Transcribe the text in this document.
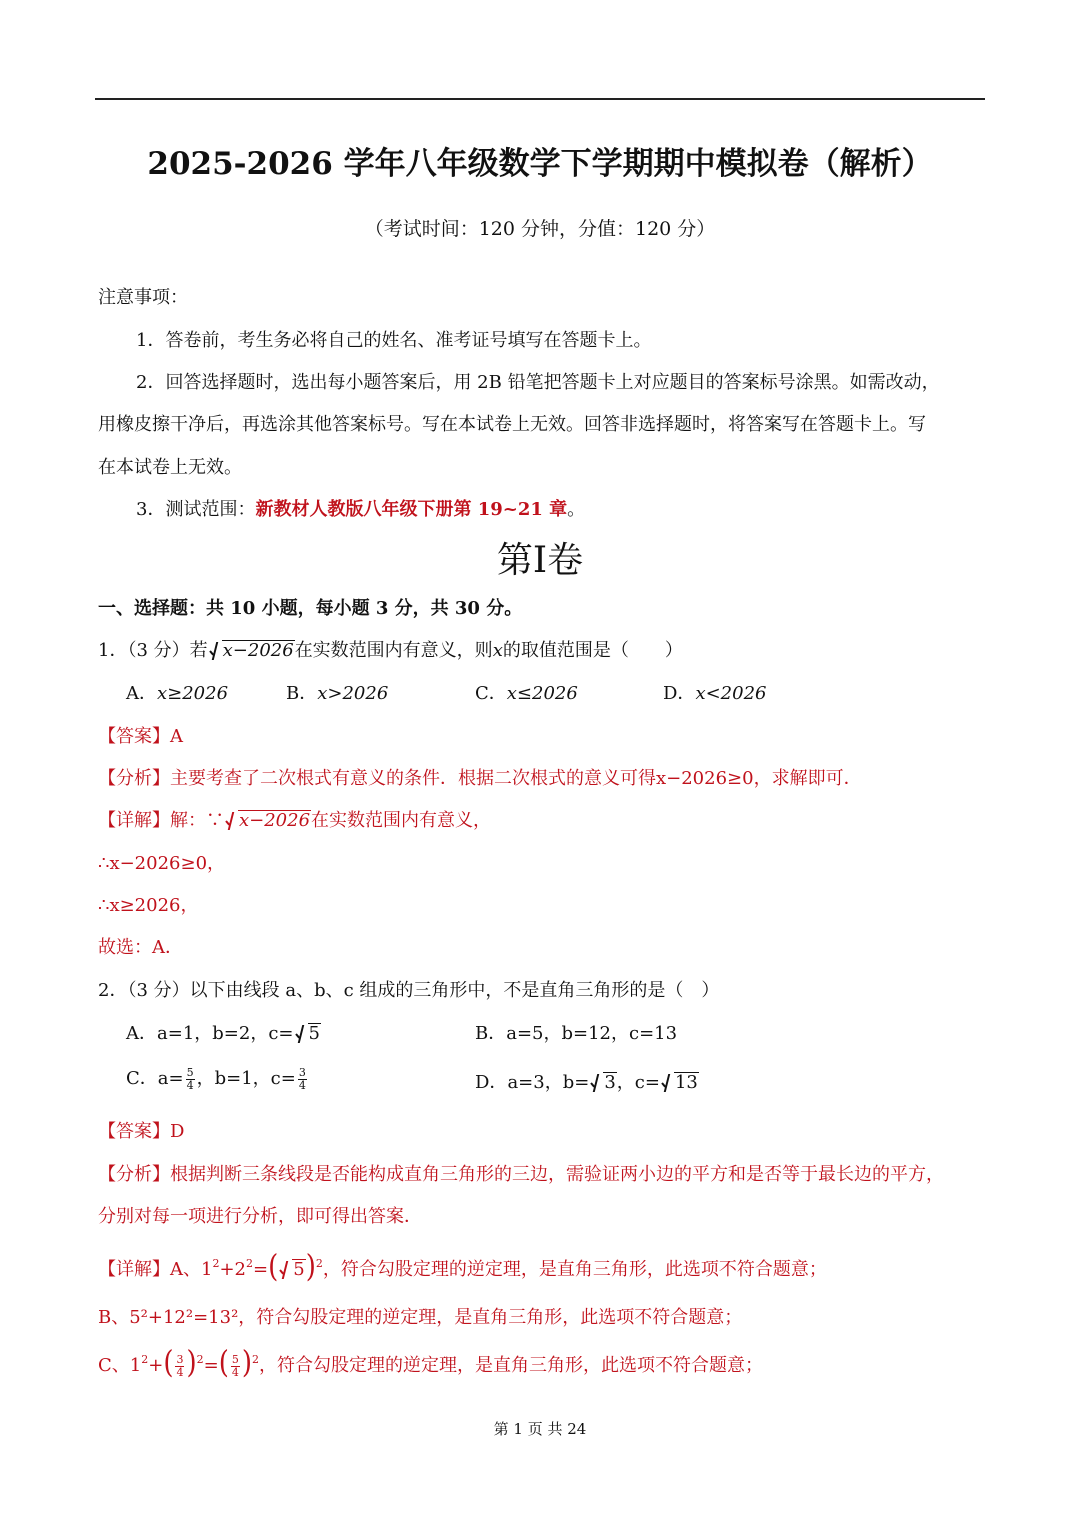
2025-2026 学年八年级数学下学期期中模拟卷（解析）
（考试时间：120 分钟，分值：120 分）
注意事项：
1．答卷前，考生务必将自己的姓名、准考证号填写在答题卡上。
2．回答选择题时，选出每小题答案后，用 2B 铅笔把答题卡上对应题目的答案标号涂黑。如需改动，
用橡皮擦干净后，再选涂其他答案标号。写在本试卷上无效。回答非选择题时，将答案写在答题卡上。写
在本试卷上无效。
3．测试范围：新教材人教版八年级下册第 19~21 章。
第I卷
一、选择题：共 10 小题，每小题 3 分，共 30 分。
1．（3 分）若 x−2026在实数范围内有意义，则x的取值范围是（　　）
A．x≥2026	B．x>2026	C．x≤2026	D．x<2026
【答案】A
【分析】主要考查了二次根式有意义的条件．根据二次根式的意义可得x−2026≥0，求解即可．
【详解】解：∵ x−2026在实数范围内有意义，
∴x−2026≥0，
∴x≥2026，
故选：A．
2．（3 分）以下由线段 a、b、c 组成的三角形中，不是直角三角形的是（　）
A．a=1，b=2，c= 5	B．a=5，b=12，c=13
C．$a= \frac{5}{4}$ ，b=1，$c= \frac{3}{4}$	D．a=3，b= 3，c= 13
【答案】D
【分析】根据判断三条线段是否能构成直角三角形的三边，需验证两小边的平方和是否等于最长边的平方，
分别对每一项进行分析，即可得出答案．
【详解】A、$1^2+2^2=$( 5)$^2$，符合勾股定理的逆定理，是直角三角形，此选项不符合题意；
B、5²+12²=13²，符合勾股定理的逆定理，是直角三角形，此选项不符合题意；
C、$1^2+( \frac{3}{4} )^2=( \frac{5}{4} )^2$，符合勾股定理的逆定理，是直角三角形，此选项不符合题意；
第 1 页 共 24
